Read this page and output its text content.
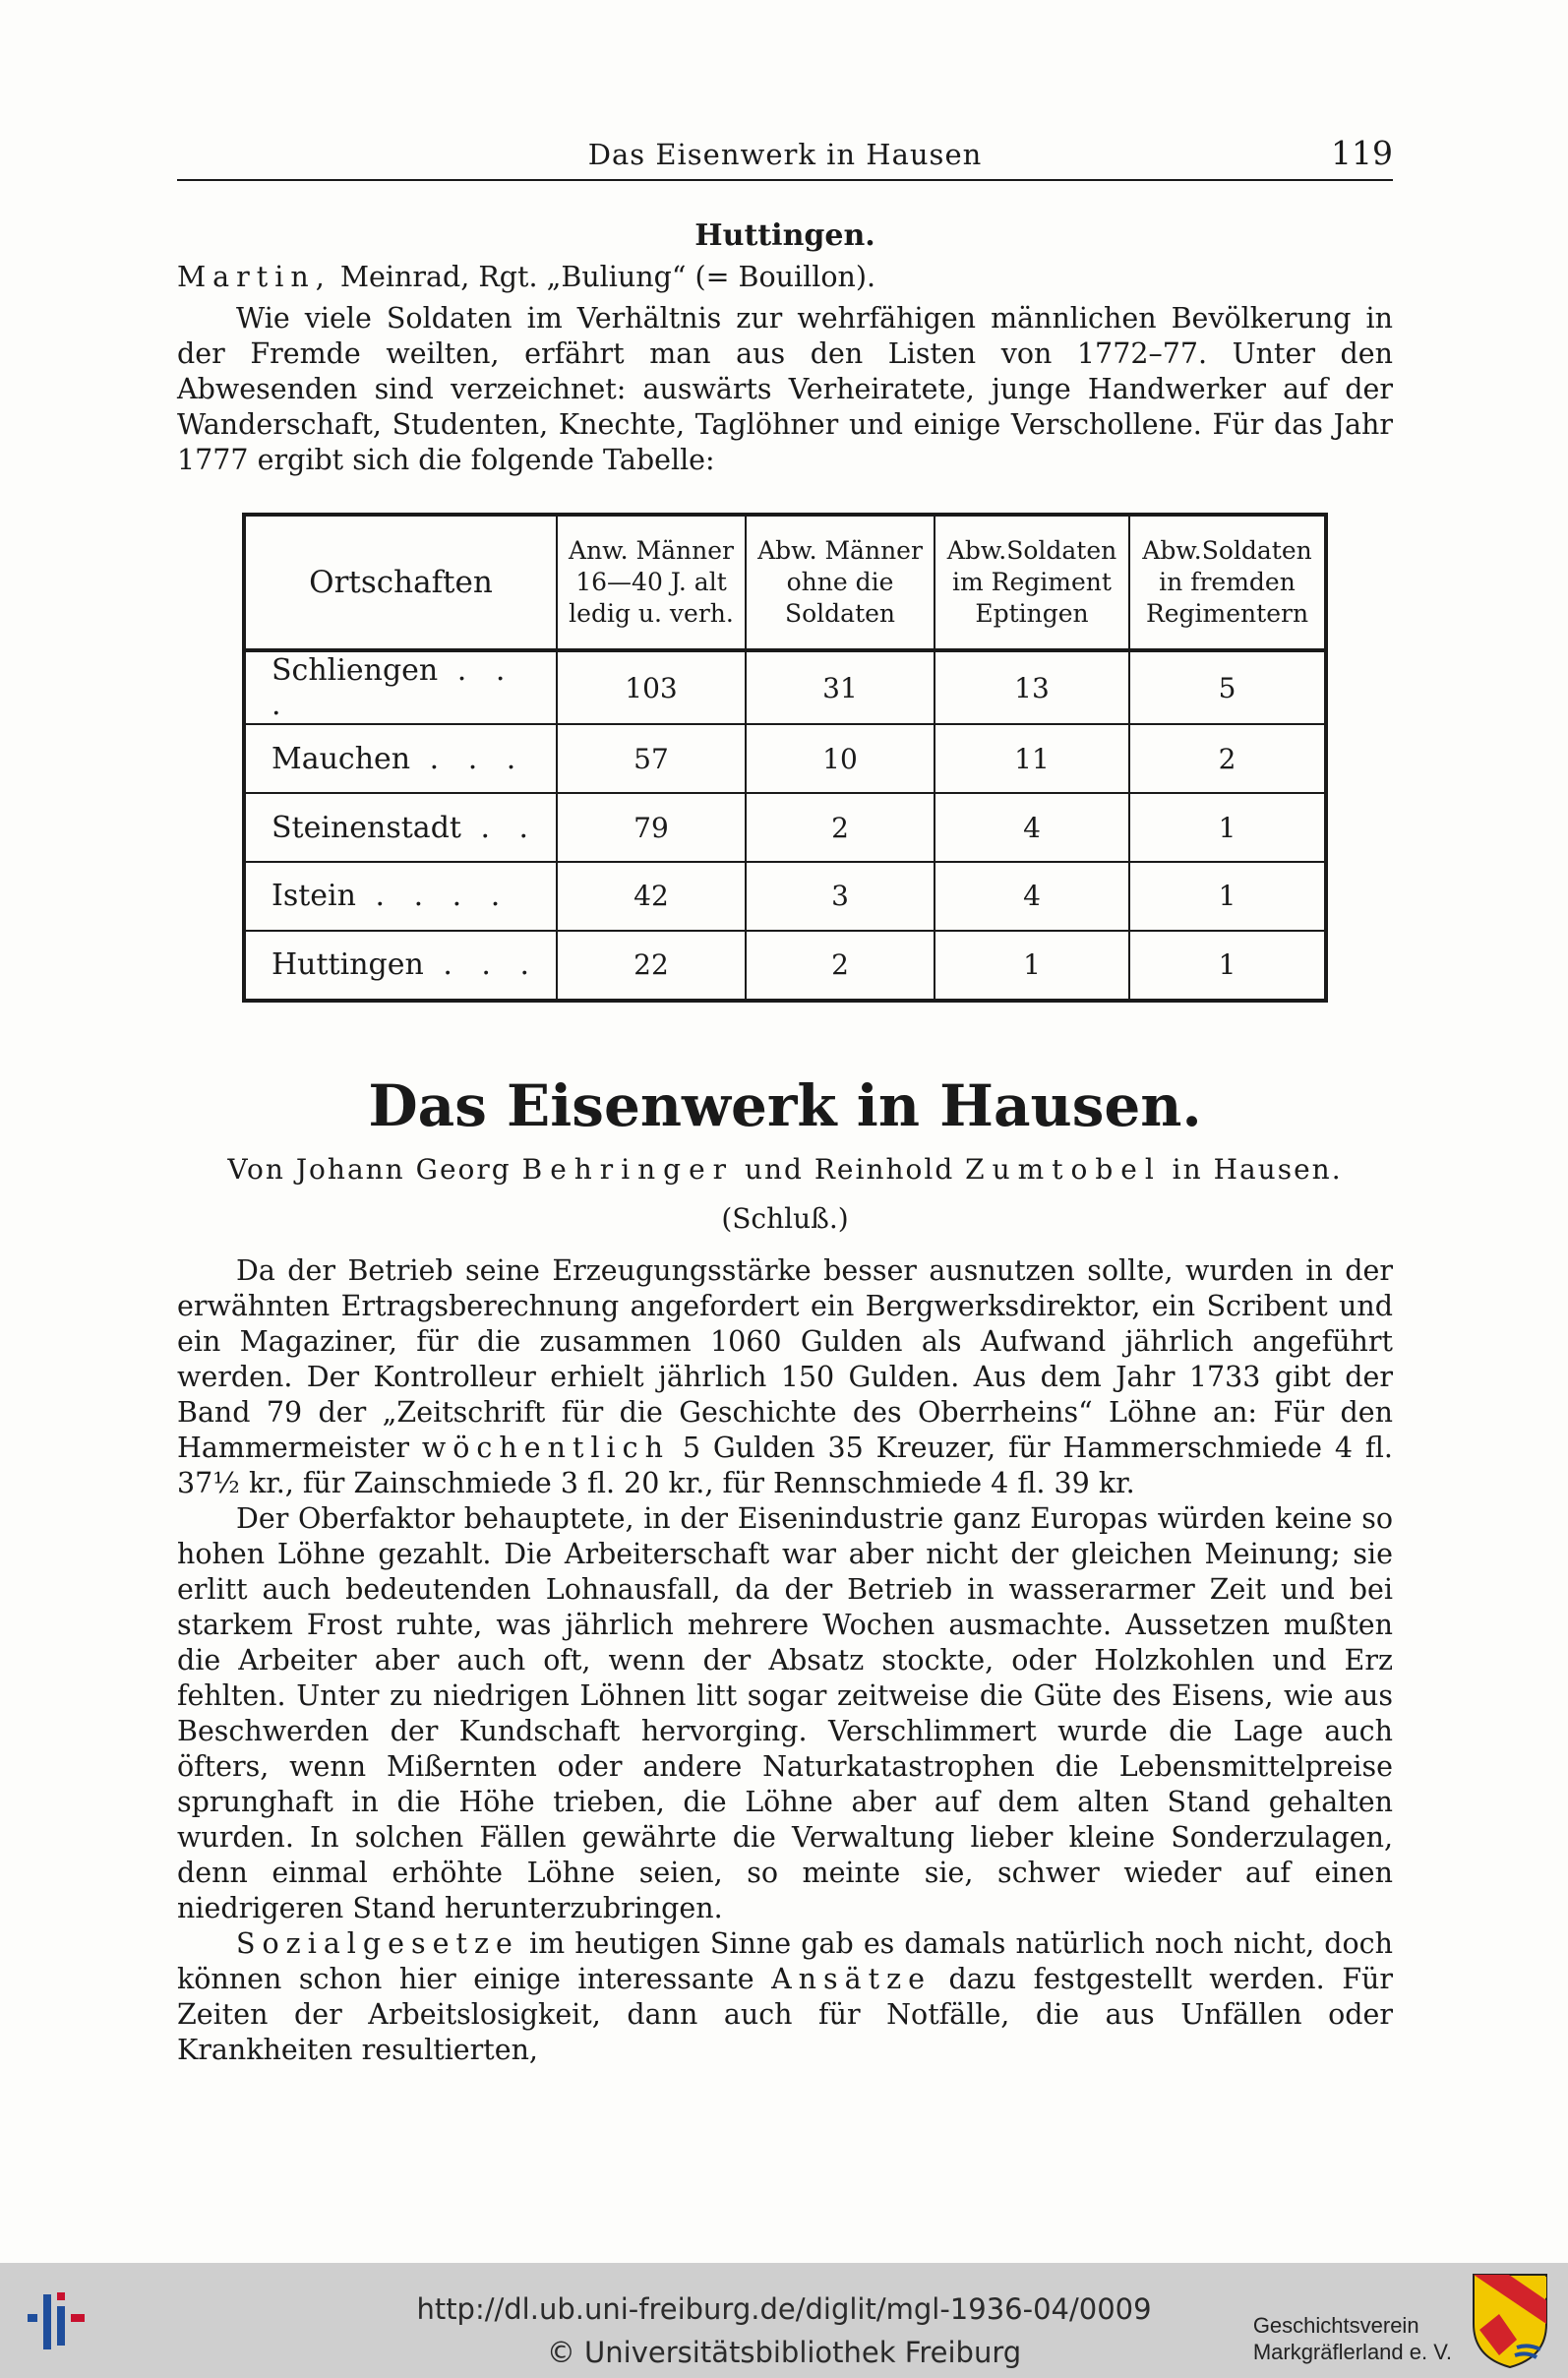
Das Eisenwerk in Hausen	119
Huttingen.
Martin, Meinrad, Rgt. „Buliung“ (= Bouillon).

Wie viele Soldaten im Verhältnis zur wehrfähigen männlichen Bevölkerung in der Fremde weilten, erfährt man aus den Listen von 1772–77. Unter den Abwesenden sind verzeichnet: auswärts Verheiratete, junge Handwerker auf der Wanderschaft, Studenten, Knechte, Taglöhner und einige Verschollene. Für das Jahr 1777 ergibt sich die folgende Tabelle:

Ortschaften	Anw. Männer 16—40 J. alt ledig u. verh.	Abw. Männer ohne die Soldaten	Abw.Soldaten im Regiment Eptingen	Abw.Soldaten in fremden Regimentern
Schliengen . . .	103	31	13	5
Mauchen . . .	57	10	11	2
Steinenstadt . .	79	2	4	1
Istein . . . .	42	3	4	1
Huttingen . . .	22	2	1	1
Das Eisenwerk in Hausen.
Von Johann Georg Behringer und Reinhold Zumtobel in Hausen.
(Schluß.)

Da der Betrieb seine Erzeugungsstärke besser ausnutzen sollte, wurden in der erwähnten Ertragsberechnung angefordert ein Bergwerksdirektor, ein Scribent und ein Magaziner, für die zusammen 1060 Gulden als Aufwand jährlich angeführt werden. Der Kontrolleur erhielt jährlich 150 Gulden. Aus dem Jahr 1733 gibt der Band 79 der „Zeitschrift für die Geschichte des Oberrheins“ Löhne an: Für den Hammermeister wöchentlich 5 Gulden 35 Kreuzer, für Hammerschmiede 4 fl. 37½ kr., für Zainschmiede 3 fl. 20 kr., für Rennschmiede 4 fl. 39 kr.

Der Oberfaktor behauptete, in der Eisenindustrie ganz Europas würden keine so hohen Löhne gezahlt. Die Arbeiterschaft war aber nicht der gleichen Meinung; sie erlitt auch bedeutenden Lohnausfall, da der Betrieb in wasserarmer Zeit und bei starkem Frost ruhte, was jährlich mehrere Wochen ausmachte. Aussetzen mußten die Arbeiter aber auch oft, wenn der Absatz stockte, oder Holzkohlen und Erz fehlten. Unter zu niedrigen Löhnen litt sogar zeitweise die Güte des Eisens, wie aus Beschwerden der Kundschaft hervorging. Verschlimmert wurde die Lage auch öfters, wenn Mißernten oder andere Naturkatastrophen die Lebensmittelpreise sprunghaft in die Höhe trieben, die Löhne aber auf dem alten Stand gehalten wurden. In solchen Fällen gewährte die Verwaltung lieber kleine Sonderzulagen, denn einmal erhöhte Löhne seien, so meinte sie, schwer wieder auf einen niedrigeren Stand herunterzubringen.

Sozialgesetze im heutigen Sinne gab es damals natürlich noch nicht, doch können schon hier einige interessante Ansätze dazu festgestellt werden. Für Zeiten der Arbeitslosigkeit, dann auch für Notfälle, die aus Unfällen oder Krankheiten resultierten,

http://dl.ub.uni-freiburg.de/diglit/mgl-1936-04/0009
© Universitätsbibliothek Freiburg
Geschichtsverein
Markgräflerland e. V.
